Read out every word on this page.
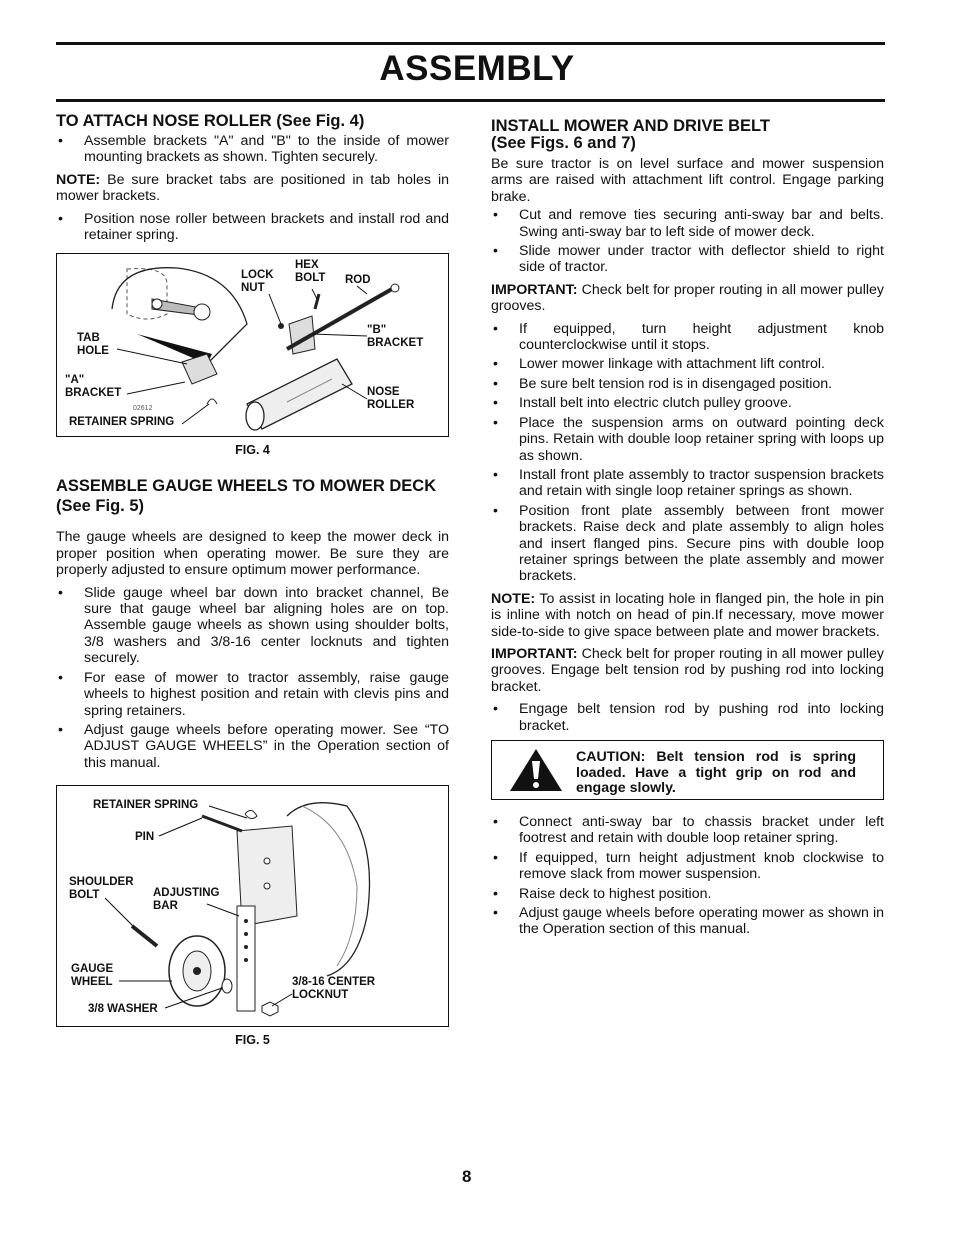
ASSEMBLY
TO ATTACH NOSE ROLLER (See Fig. 4)
• Assemble brackets "A" and "B" to the inside of mower mounting brackets as shown. Tighten securely.

NOTE: Be sure bracket tabs are positioned in tab holes in mower brackets.

• Position nose roller between brackets and install rod and retainer spring.
LOCK NUT
HEX BOLT	ROD
TAB HOLE
"B" BRACKET
"A" BRACKET	NOSE ROLLER
RETAINER SPRING
02612
FIG. 4
ASSEMBLE GAUGE WHEELS TO MOWER DECK (See Fig. 5)

The gauge wheels are designed to keep the mower deck in proper position when operating mower. Be sure they are properly adjusted to ensure optimum mower performance.

• Slide gauge wheel bar down into bracket channel, Be sure that gauge wheel bar aligning holes are on top. Assemble gauge wheels as shown using shoulder bolts, 3/8 washers and 3/8-16 center locknuts and tighten securely.
• For ease of mower to tractor assembly, raise gauge wheels to highest position and retain with clevis pins and spring retainers.
• Adjust gauge wheels before operating mower. See “TO ADJUST GAUGE WHEELS” in the Operation section of this manual.
RETAINER SPRING
PIN
SHOULDER BOLT	ADJUSTING BAR
GAUGE WHEEL	3/8-16 CENTER LOCKNUT
3/8 WASHER
FIG. 5
INSTALL MOWER AND DRIVE BELT
(See Figs. 6 and 7)

Be sure tractor is on level surface and mower suspension arms are raised with attachment lift control. Engage parking brake.

• Cut and remove ties securing anti-sway bar and belts. Swing anti-sway bar to left side of mower deck.
• Slide mower under tractor with deflector shield to right side of tractor.

IMPORTANT: Check belt for proper routing in all mower pulley grooves.

• If equipped, turn height adjustment knob counterclockwise until it stops.
• Lower mower linkage with attachment lift control.
• Be sure belt tension rod is in disengaged position.
• Install belt into electric clutch pulley groove.
• Place the suspension arms on outward pointing deck pins. Retain with double loop retainer spring with loops up as shown.
• Install front plate assembly to tractor suspension brackets and retain with single loop retainer springs as shown.
• Position front plate assembly between front mower brackets. Raise deck and plate assembly to align holes and insert flanged pins. Secure pins with double loop retainer springs between the plate assembly and mower brackets.

NOTE: To assist in locating hole in flanged pin, the hole in pin is inline with notch on head of pin.If necessary, move mower side-to-side to give space between plate and mower brackets.

IMPORTANT: Check belt for proper routing in all mower pulley grooves. Engage belt tension rod by pushing rod into locking bracket.

• Engage belt tension rod by pushing rod into locking bracket.
CAUTION: Belt tension rod is spring loaded. Have a tight grip on rod and engage slowly.
• Connect anti-sway bar to chassis bracket under left footrest and retain with double loop retainer spring.
• If equipped, turn height adjustment knob clockwise to remove slack from mower suspension.
• Raise deck to highest position.
• Adjust gauge wheels before operating mower as shown in the Operation section of this manual.
8
